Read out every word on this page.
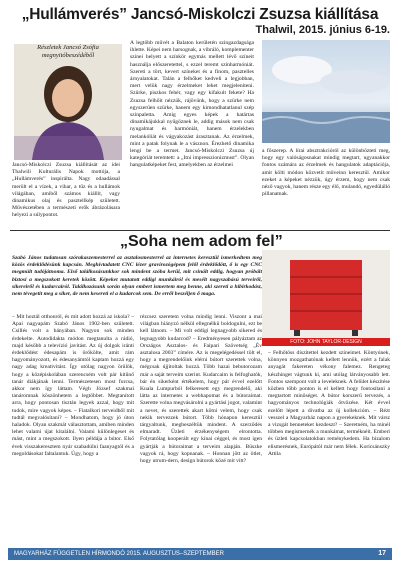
„Hullámverés” Jancsó-Miskolczi Zsuzsa kiállítása
Thalwil, 2015. június 6-19.
Részletek Jancsó Zsófia megnyitóbeszédéből

Jancsó-Miskolczi Zsuzsa kiállítását az idei Thalwili Kulturális Napok mottója, a „Hullámverés” inspirálta. Nagy odaadással merült el a vízek, a vihar, a tűz és a hullámok világában, amiből számos kiállít, vagy dinamikus olaj és pasztellkép született. Művészetében a természeti erők ábrázolásara helyezi a súlypontot.

A legtöbb művét a Balaton kerületén szingazdagsága ihlette. Képei nem harsognak, a vibráló, komplementer színei helyett a színkör egymás mellett lévő színeit használja előszeretettel, s ezzel teremt színharmóniát. Szereti a tört, kevert színeket és a finom, pasztelles árnyalatokat. Talán a felhőket kedveli a legjobban, mert velük nagy érzelmeket lehet megjeleníteni. Szürke, piszkos fehér, vagy egy kifakult fekete? Ha Zsuzsa felhőit nézzük, rájövünk, hogy a szürke nem egyszerűen szürke, hanem egy kimondhatatlanul szép színpaletta. Amig egyes képek a határtas dinamikájukkal nyűgöznek le, addig mások nem csak nyugalmat és harmóniát, hanem érzelekben melankóliát és vágyakozást árasztanak. Az érzelmek, mint a patak folynak le a vásznon. Érezhető dinamika lengi be a termet. Jancsó-Miskolczi Zsuzsa új kategóriát teremtett: a „Itni impresszionizmust”. Olyan hangulatképeket fest, amelyekben az érzelmei

a főszerep. A lírai absztrakcióról az különbözteti meg, hogy egy valóságosnakat mindig megtart, ugyanakkor fontos számára az érzelmek és hangulatok adaptációja, amit költi módon közvetít műveinn keresztül. Amikor ezeket a képeket nézzük, úgy érzem, hogy nem csak néző vagyok, hanem része egy élő, mulandó, egyedülálló pillanatnak.
„Soha nem adom fel”
Szabó János tudatosan szórakaszemesterrel az asztalosmesterrel az internetes keresztül ismerkedtem meg közös érdeklődésünk kapcsán. Meghívtadatett CNC lézer gravírozógépem felől érdeklődött, ő is egy CNC megmúlt tudójátnoma. Első találkozásunkkor sok mindent szóba kerül, mit csinált eddig, hogyan próbált biztosi a megszokott keretek között. Képeket mutatott eddigi munkáiról és mesélt nagyszabású terveiről, sikereiről és kudarcairól. Találkozásunk során olyan embert ismertem meg benne, aki szereti a hibirkodást, nem tévegetit meg a siker, de nem kesereti el a kudarcok sem. De erről beszéljen ő maga.
FOTO: JOHN TAYLOR-DESIGN

– Mit hoztál otthonról, és mit adott hozzá az iskola? – Apai nagyapám Szabó János 1902-ben született. Csillés volt a bányában. Nagyon sok minden érdekelte. Autodidakta módon megtanulta a rádió, majd később a televízió javítást. Az új dolgok iránti érdeklődést édesapám is örökölte, amit rám hagyományozott, és édesanyámtól kaptam hozzá egy nagy adag kreativitást. Így utólag nagyon örülök, hogy a középiskolában szerencsém volt pár kitűnő tanár diákjának lenni. Természetesen most furcsa, akkor nem így láttam. Végh József szakmai tanáromnak köszönhetem a legtöbbet. Megtanított arra, hogy pontosan tisztán legyek azzal, hogy mit tudok, mire vagyok képes. – Fiatalkori terveidből mit tudtál megvalósítani? – Mondhatom, hogy jó úton haladok. Olyan szakmát választottam, amiben minden lehet valami újat kitalálni. Valami különlegeset és mást, mint a megszokott. Ilyen példája a bútor. Első évek visszakeresztem nyár szabadúlni faanyagtól és a megoldásokat faltalantuk. Úgy, hogy a

rézcsez szeretem volna mindig lenni. Viszont a mai világban hiányzó nélkül ellegnélkü boldogulni, ezt be kell látnom. – Mi volt eddigi legnagyobb sikered és legnagyobb kudarcod? – Eredményesen pályáztam az Országos Asztalos- és Faipari Szövetség „Év asztalosa 2003” címére. Az is megelégedéssel tölt el, hogy a megrendelőink elérni bútort szerettek volna, mégcsak újjítoltak hozzá. Több hazai bebutorozam már a saját terveim szerint. Kudarcaim is felfoghatók, bár én sikerként értékelem, hogy pár évvel ezelőtt Kuala Lumpurból felkeresett egy megrendelő, aki látta az internetes a webhapomat és a bútoraimat. Szerette volna megvásárolni a gyártási jogot, valamint a nevet, és szerettek akart kötni velem, hogy csak nekik tervezzek bútort. Több hónapon keresztül tárgyaltunk, megbeszéltük mindent. A szerződés elmaradt. Üzleti érzékenységem elrontotta. Folytatólag kooperált egy kínai céggel, és most igen gyártják a bútoraimat a terveim alapján. Büszke vagyok rá, hogy kopnanak. – Honnan jött az ötlet, hogy utrum-dern, design bútorok közé mit vitt?

– Felhőtöss díszítettel kezdett színeimet. Köntyúnek, könnyen mozgathatónak kellett lennük, ezért a falak anyagát fakereten vékony falemez. Rengeteg készhinget vágtunk ki, ami utólag látványosabb lett. Fontos szempont volt a leveleknek. A felület készítése közben több ponton is el kellett hogy fontosítani a megtartott minőséget. A bútor korszerű tervezés, a hagyományos technológiák ötvözése. Két évvel ezelőtt lépett a divatba az új kollekcióm. – Rézt vesszel a Magyarház napon a gyerekeknek. Mit vársz a vizsgát benneteket kezdeszt? – Szeretném, ha minél többen megismernék a munkámat, terméknéit. Emberi és üzleti kapcsolatokban reménykedem. Ha bizalom elismerésnek, Európától már nem félek. Koricsánszky Attila

MAGYARHÁZ FÜGGETLEN HÍRMONDÓ 2015. AUGUSZTUS–SZEPTEMBER	17
